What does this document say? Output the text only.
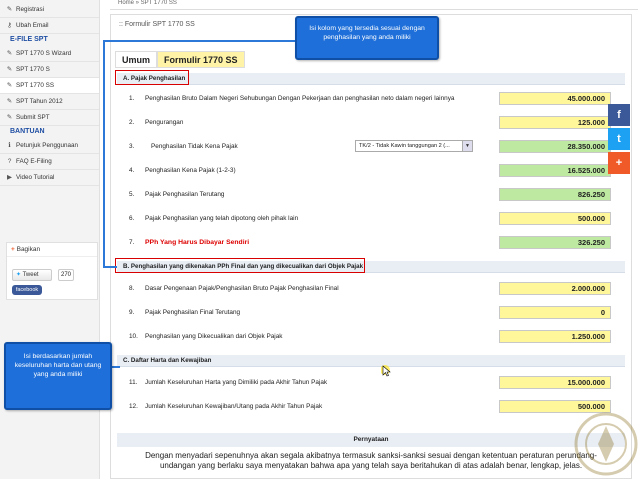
✎ Registrasi
⚷ Ubah Email
E-FILE SPT
✎ SPT 1770 S Wizard
✎ SPT 1770 S
✎ SPT 1770 SS
✎ SPT Tahun 2012
✎ Submit SPT
BANTUAN
ℹ Petunjuk Penggunaan
? FAQ E-Filing
▶ Video Tutorial
+ Bagikan
✦ Tweet	270
facebook
Home » SPT 1770 SS
:: Formulir SPT 1770 SS
Umum	Formulir 1770 SS
A. Pajak Penghasilan
1. Penghasilan Bruto Dalam Negeri Sehubungan Dengan Pekerjaan dan penghasilan neto dalam negeri lainnya	45.000.000
2. Pengurangan	125.000
3.	Penghasilan Tidak Kena Pajak	TK/2 - Tidak Kawin tanggungan 2 (...	▼	28.350.000
4. Penghasilan Kena Pajak (1-2-3)	16.525.000
5. Pajak Penghasilan Terutang	826.250
6. Pajak Penghasilan yang telah dipotong oleh pihak lain	500.000
7. PPh Yang Harus Dibayar Sendiri	326.250
B. Penghasilan yang dikenakan PPh Final dan yang dikecualikan dari Objek Pajak
8. Dasar Pengenaan Pajak/Penghasilan Bruto Pajak Penghasilan Final	2.000.000
9. Pajak Penghasilan Final Terutang	0
10. Penghasilan yang Dikecualikan dari Objek Pajak	1.250.000
C. Daftar Harta dan Kewajiban
11. Jumlah Keseluruhan Harta yang Dimiliki pada Akhir Tahun Pajak	15.000.000
12. Jumlah Keseluruhan Kewajiban/Utang pada Akhir Tahun Pajak	500.000
Pernyataan
Dengan menyadari sepenuhnya akan segala akibatnya termasuk sanksi-sanksi sesuai dengan ketentuan peraturan perundang-undangan yang berlaku saya menyatakan bahwa apa yang telah saya beritahukan di atas adalah benar, lengkap, jelas.
Isi kolom yang tersedia sesuai dengan penghasilan yang anda miliki
Isi berdasarkan jumlah keseluruhan harta dan utang yang anda miliki
f
t
+
